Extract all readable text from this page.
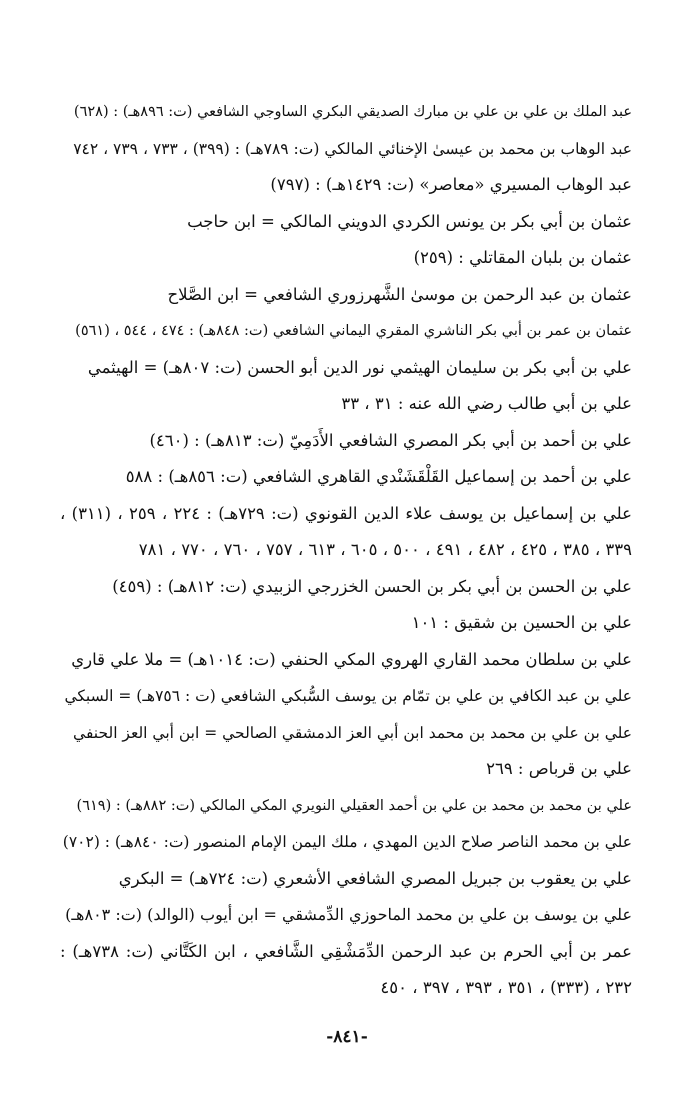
عبد الملك بن علي بن علي بن مبارك الصديقي البكري الساوجي الشافعي (ت: ٨٩٦هـ) : (٦٢٨)
عبد الوهاب بن محمد بن عيسىٰ الإخنائي المالكي (ت: ٧٨٩هـ) : (٣٩٩) ، ٧٣٣ ، ٧٣٩ ، ٧٤٢
عبد الوهاب المسيري «معاصر» (ت: ١٤٢٩هـ) : (٧٩٧)
عثمان بن أبي بكر بن يونس الكردي الدويني المالكي = ابن حاجب
عثمان بن بلبان المقاتلي : (٢٥٩)
عثمان بن عبد الرحمن بن موسىٰ الشَّهرزوري الشافعي = ابن الصَّلاح
عثمان بن عمر بن أبي بكر الناشري المقري اليماني الشافعي (ت: ٨٤٨هـ) : ٤٧٤ ، ٥٤٤ ، (٥٦١)
علي بن أبي بكر بن سليمان الهيثمي نور الدين أبو الحسن (ت: ٨٠٧هـ) = الهيثمي
علي بن أبي طالب رضي الله عنه : ٣١ ، ٣٣
علي بن أحمد بن أبي بكر المصري الشافعي الأَدَمِيّ (ت: ٨١٣هـ) : (٤٦٠)
علي بن أحمد بن إسماعيل القَلْقَشَنْدي القاهري الشافعي (ت: ٨٥٦هـ) : ٥٨٨
علي بن إسماعيل بن يوسف علاء الدين القونوي (ت: ٧٢٩هـ) : ٢٢٤ ، ٢٥٩ ، (٣١١) ، ٣٣٩ ، ٣٨٥ ، ٤٢٥ ، ٤٨٢ ، ٤٩١ ، ٥٠٠ ، ٦٠٥ ، ٦١٣ ، ٧٥٧ ، ٧٦٠ ، ٧٧٠ ، ٧٨١
علي بن الحسن بن أبي بكر بن الحسن الخزرجي الزبيدي (ت: ٨١٢هـ) : (٤٥٩)
علي بن الحسين بن شقيق : ١٠١
علي بن سلطان محمد القاري الهروي المكي الحنفي (ت: ١٠١٤هـ) = ملا علي قاري
علي بن عبد الكافي بن علي بن تمّام بن يوسف السُّبكي الشافعي (ت : ٧٥٦هـ) = السبكي
علي بن علي بن محمد بن محمد ابن أبي العز الدمشقي الصالحي = ابن أبي العز الحنفي
علي بن قرباص : ٢٦٩
علي بن محمد بن محمد بن علي بن أحمد العقيلي النويري المكي المالكي (ت: ٨٨٢هـ) : (٦١٩)
علي بن محمد الناصر صلاح الدين المهدي ، ملك اليمن الإمام المنصور (ت: ٨٤٠هـ) : (٧٠٢)
علي بن يعقوب بن جبريل المصري الشافعي الأشعري (ت: ٧٢٤هـ) = البكري
علي بن يوسف بن علي بن محمد الماحوزي الدِّمشقي = ابن أيوب (الوالد) (ت: ٨٠٣هـ)
عمر بن أبي الحرم بن عبد الرحمن الدِّمَشْقِي الشَّافعي ، ابن الكَتَّاني (ت: ٧٣٨هـ) : ٢٣٢ ، (٣٣٣) ، ٣٥١ ، ٣٩٣ ، ٣٩٧ ، ٤٥٠
-٨٤١-
